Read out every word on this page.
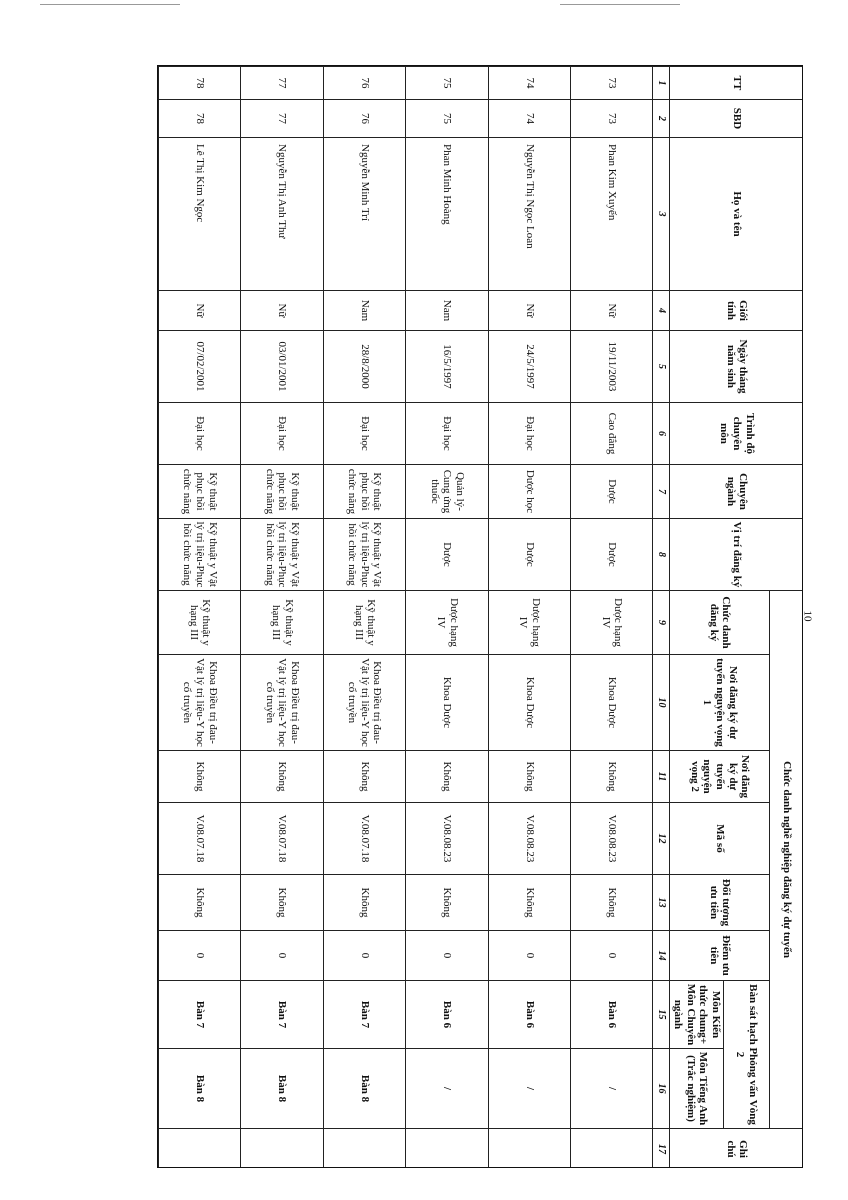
10
TT	SBD	Họ và tên	Giới tính	Ngày tháng năm sinh	Trình độ chuyên môn	Chuyên ngành	Vị trí đăng ký	Chức danh nghề nghiệp đăng ký dự tuyển								Ghi chú
								Chức danh đăng ký	Nơi đăng ký dự tuyển nguyện vọng 1	Nơi đăng ký dự tuyển nguyện vọng 2	Mã số	Đối tượng ưu tiên	Điểm ưu tiên	Bàn sát hạch Phỏng vấn Vòng 2		
														Môn Kiến thức chung+ Môn Chuyên ngành	Môn Tiếng Anh (Trắc nghiệm)	
1	2	3	4	5	6	7	8	9	10	11	12	13	14	15	16	17
73	73	Phan Kim Xuyến	Nữ	19/11/2003	Cao đẳng	Dược	Dược	Dược hạng IV	Khoa Dược	Không	V.08.08.23	Không	0	Bàn 6	/	
74	74	Nguyễn Thị Ngọc Loan	Nữ	24/5/1997	Đại học	Dược học	Dược	Dược hạng IV	Khoa Dược	Không	V.08.08.23	Không	0	Bàn 6	/	
75	75	Phan Minh Hoàng	Nam	16/5/1997	Đại học	Quản lý-Cung ứng thuốc	Dược	Dược hạng IV	Khoa Dược	Không	V.08.08.23	Không	0	Bàn 6	/	
76	76	Nguyễn Minh Trí	Nam	28/8/2000	Đại học	Kỹ thuật phục hồi chức năng	Kỹ thuật y Vật lý trị liệu-Phục hồi chức năng	Kỹ thuật y hạng III	Khoa Điều trị đau- Vật lý trị liệu-Y học cổ truyền	Không	V.08.07.18	Không	0	Bàn 7	Bàn 8	
77	77	Nguyễn Thị Anh Thư	Nữ	03/01/2001	Đại học	Kỹ thuật phục hồi chức năng	Kỹ thuật y Vật lý trị liệu-Phục hồi chức năng	Kỹ thuật y hạng III	Khoa Điều trị đau- Vật lý trị liệu-Y học cổ truyền	Không	V.08.07.18	Không	0	Bàn 7	Bàn 8	
78	78	Lê Thị Kim Ngọc	Nữ	07/02/2001	Đại học	Kỹ thuật phục hồi chức năng	Kỹ thuật y Vật lý trị liệu-Phục hồi chức năng	Kỹ thuật y hạng III	Khoa Điều trị đau- Vật lý trị liệu-Y học cổ truyền	Không	V.08.07.18	Không	0	Bàn 7	Bàn 8	
